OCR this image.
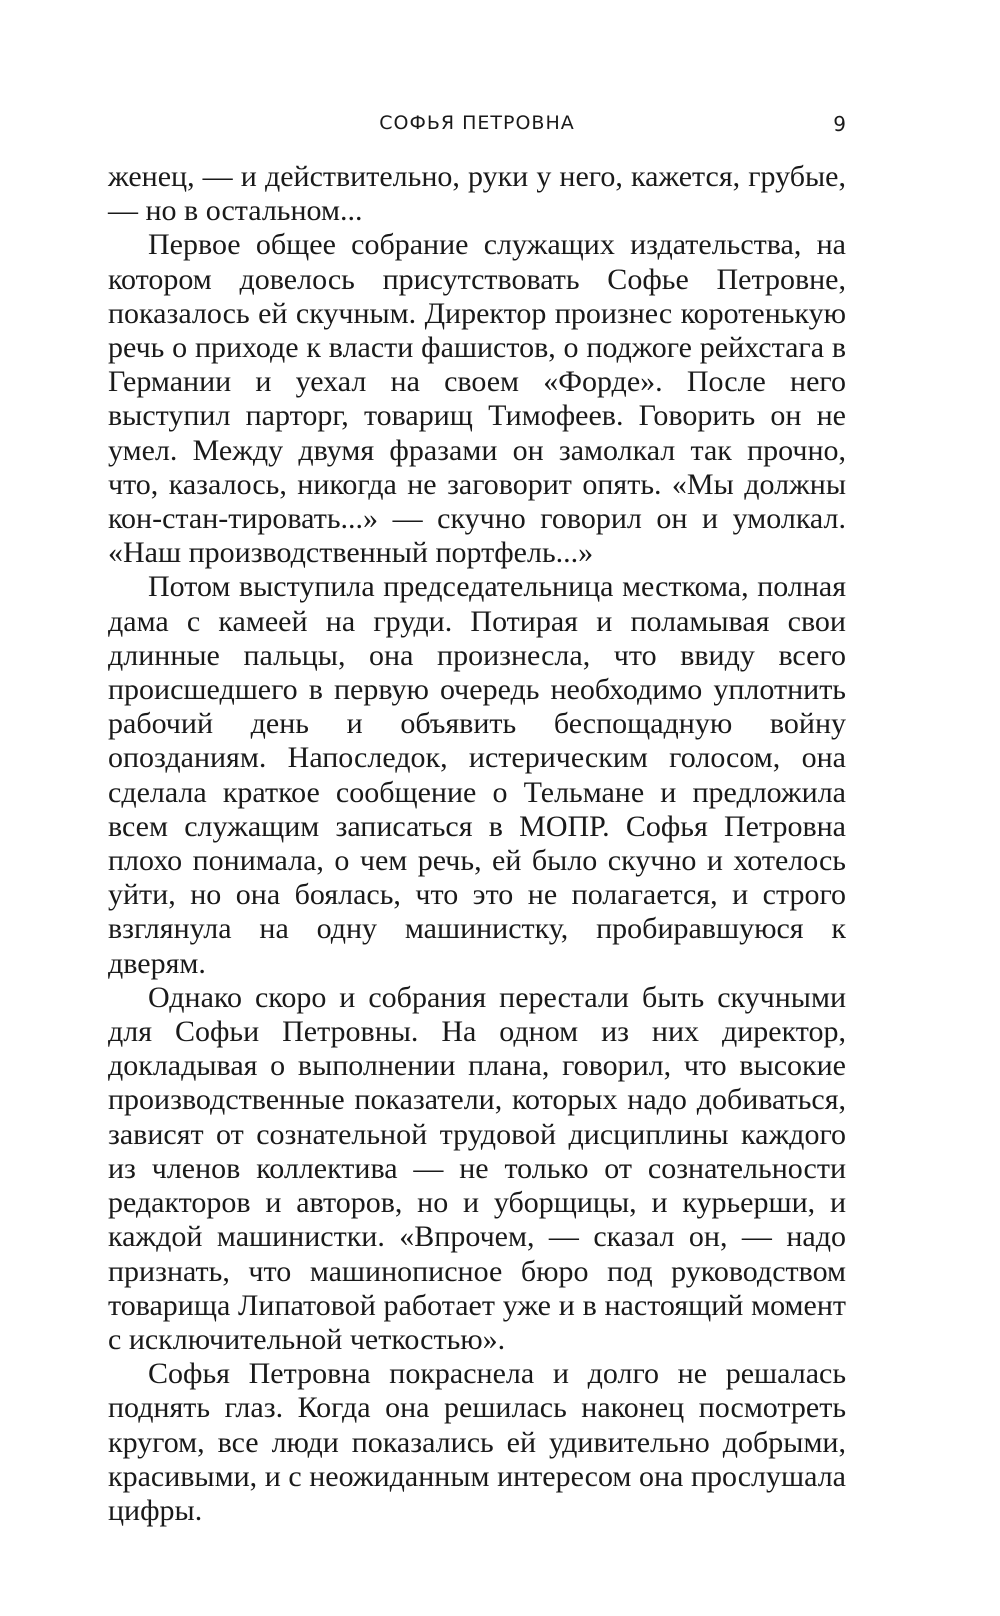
СОФЬЯ ПЕТРОВНА	9

женец, — и действительно, руки у него, кажется, грубые, — но в остальном...

Первое общее собрание служащих издательства, на котором довелось присутствовать Софье Петровне, показалось ей скучным. Директор произнес коротенькую речь о приходе к власти фашистов, о поджоге рейхстага в Германии и уехал на своем «Форде». После него выступил парторг, товарищ Тимофеев. Говорить он не умел. Между двумя фразами он замолкал так прочно, что, казалось, никогда не заговорит опять. «Мы должны кон-стан-тировать...» — скучно говорил он и умолкал. «Наш производственный портфель...»

Потом выступила председательница месткома, полная дама с камеей на груди. Потирая и поламывая свои длинные пальцы, она произнесла, что ввиду всего происшедшего в первую очередь необходимо уплотнить рабочий день и объявить беспощадную войну опозданиям. Напоследок, истерическим голосом, она сделала краткое сообщение о Тельмане и предложила всем служащим записаться в МОПР. Софья Петровна плохо понимала, о чем речь, ей было скучно и хотелось уйти, но она боялась, что это не полагается, и строго взглянула на одну машинистку, пробиравшуюся к дверям.

Однако скоро и собрания перестали быть скучными для Софьи Петровны. На одном из них директор, докладывая о выполнении плана, говорил, что высокие производственные показатели, которых надо добиваться, зависят от сознательной трудовой дисциплины каждого из членов коллектива — не только от сознательности редакторов и авторов, но и уборщицы, и курьерши, и каждой машинистки. «Впрочем, — сказал он, — надо признать, что машинописное бюро под руководством товарища Липатовой работает уже и в настоящий момент с исключительной четкостью».

Софья Петровна покраснела и долго не решалась поднять глаз. Когда она решилась наконец посмотреть кругом, все люди показались ей удивительно добрыми, красивыми, и с неожиданным интересом она прослушала цифры.
